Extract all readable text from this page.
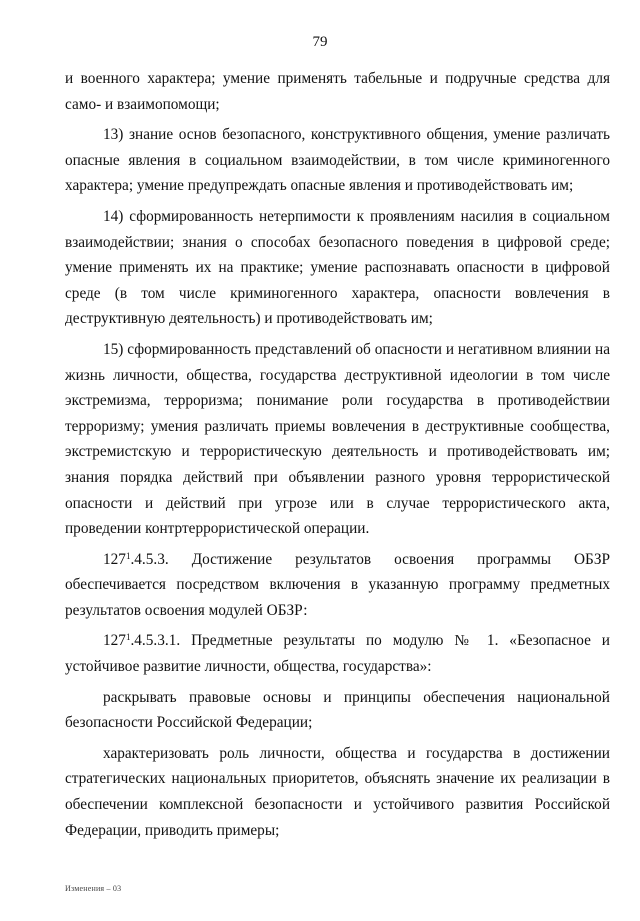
79

и военного характера; умение применять табельные и подручные средства для само- и взаимопомощи;

13) знание основ безопасного, конструктивного общения, умение различать опасные явления в социальном взаимодействии, в том числе криминогенного характера; умение предупреждать опасные явления и противодействовать им;

14) сформированность нетерпимости к проявлениям насилия в социальном взаимодействии; знания о способах безопасного поведения в цифровой среде; умение применять их на практике; умение распознавать опасности в цифровой среде (в том числе криминогенного характера, опасности вовлечения в деструктивную деятельность) и противодействовать им;

15) сформированность представлений об опасности и негативном влиянии на жизнь личности, общества, государства деструктивной идеологии в том числе экстремизма, терроризма; понимание роли государства в противодействии терроризму; умения различать приемы вовлечения в деструктивные сообщества, экстремистскую и террористическую деятельность и противодействовать им; знания порядка действий при объявлении разного уровня террористической опасности и действий при угрозе или в случае террористического акта, проведении контртеррористической операции.

$127^1.4.5.3$. Достижение результатов освоения программы ОБЗР обеспечивается посредством включения в указанную программу предметных результатов освоения модулей ОБЗР:

$127^1.4.5.3.1$. Предметные результаты по модулю № 1. «Безопасное и устойчивое развитие личности, общества, государства»:

раскрывать правовые основы и принципы обеспечения национальной безопасности Российской Федерации;

характеризовать роль личности, общества и государства в достижении стратегических национальных приоритетов, объяснять значение их реализации в обеспечении комплексной безопасности и устойчивого развития Российской Федерации, приводить примеры;

Изменения – 03
